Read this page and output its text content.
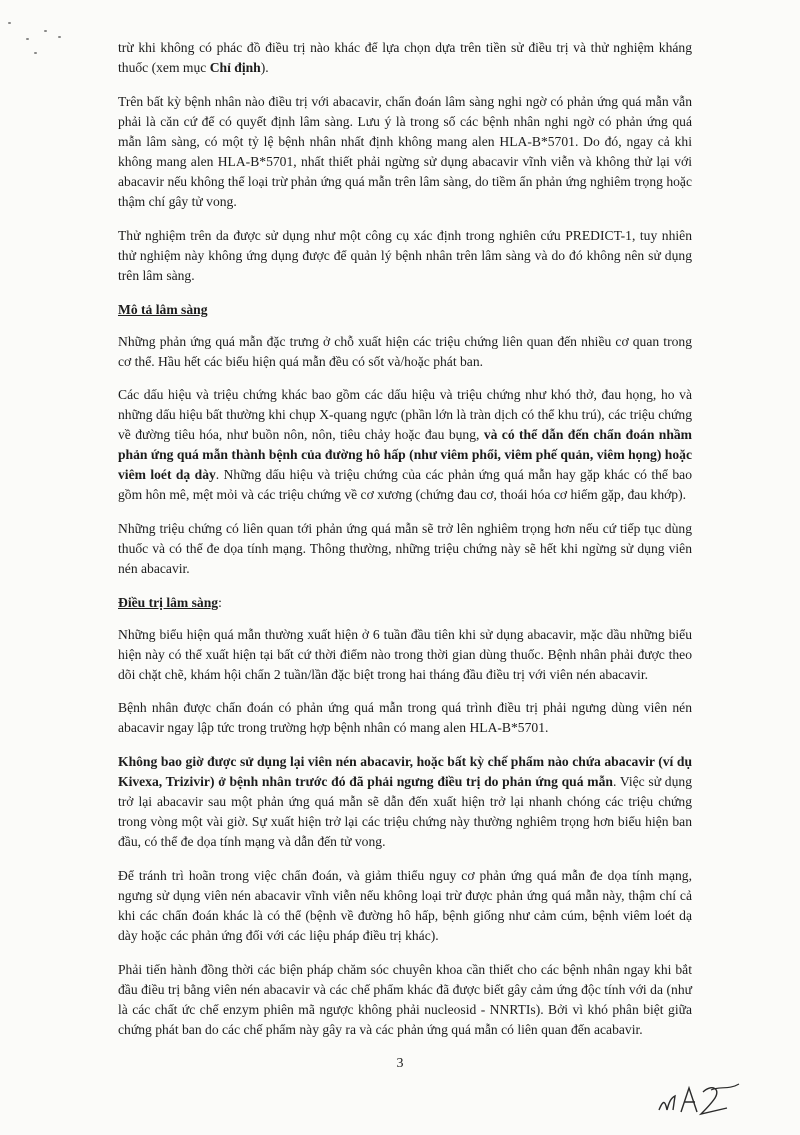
trừ khi không có phác đồ điều trị nào khác để lựa chọn dựa trên tiền sử điều trị và thử nghiệm kháng thuốc (xem mục Chỉ định).

Trên bất kỳ bệnh nhân nào điều trị với abacavir, chẩn đoán lâm sàng nghi ngờ có phản ứng quá mẫn vẫn phải là căn cứ để có quyết định lâm sàng. Lưu ý là trong số các bệnh nhân nghi ngờ có phản ứng quá mẫn lâm sàng, có một tỷ lệ bệnh nhân nhất định không mang alen HLA-B*5701. Do đó, ngay cả khi không mang alen HLA-B*5701, nhất thiết phải ngừng sử dụng abacavir vĩnh viễn và không thử lại với abacavir nếu không thể loại trừ phản ứng quá mẫn trên lâm sàng, do tiềm ẩn phản ứng nghiêm trọng hoặc thậm chí gây tử vong.

Thử nghiệm trên da được sử dụng như một công cụ xác định trong nghiên cứu PREDICT-1, tuy nhiên thử nghiệm này không ứng dụng được để quản lý bệnh nhân trên lâm sàng và do đó không nên sử dụng trên lâm sàng.

Mô tả lâm sàng

Những phản ứng quá mẫn đặc trưng ở chỗ xuất hiện các triệu chứng liên quan đến nhiều cơ quan trong cơ thể. Hầu hết các biểu hiện quá mẫn đều có sốt và/hoặc phát ban.

Các dấu hiệu và triệu chứng khác bao gồm các dấu hiệu và triệu chứng như khó thở, đau họng, ho và những dấu hiệu bất thường khi chụp X-quang ngực (phần lớn là tràn dịch có thể khu trú), các triệu chứng về đường tiêu hóa, như buồn nôn, nôn, tiêu chảy hoặc đau bụng, và có thể dẫn đến chẩn đoán nhầm phản ứng quá mẫn thành bệnh của đường hô hấp (như viêm phổi, viêm phế quản, viêm họng) hoặc viêm loét dạ dày. Những dấu hiệu và triệu chứng của các phản ứng quá mẫn hay gặp khác có thể bao gồm hôn mê, mệt mỏi và các triệu chứng về cơ xương (chứng đau cơ, thoái hóa cơ hiếm gặp, đau khớp).

Những triệu chứng có liên quan tới phản ứng quá mẫn sẽ trở lên nghiêm trọng hơn nếu cứ tiếp tục dùng thuốc và có thể đe dọa tính mạng. Thông thường, những triệu chứng này sẽ hết khi ngừng sử dụng viên nén abacavir.

Điều trị lâm sàng:

Những biểu hiện quá mẫn thường xuất hiện ở 6 tuần đầu tiên khi sử dụng abacavir, mặc dầu những biểu hiện này có thể xuất hiện tại bất cứ thời điểm nào trong thời gian dùng thuốc. Bệnh nhân phải được theo dõi chặt chẽ, khám hội chẩn 2 tuần/lần đặc biệt trong hai tháng đầu điều trị với viên nén abacavir.

Bệnh nhân được chẩn đoán có phản ứng quá mẫn trong quá trình điều trị phải ngưng dùng viên nén abacavir ngay lập tức trong trường hợp bệnh nhân có mang alen HLA-B*5701.

Không bao giờ được sử dụng lại viên nén abacavir, hoặc bất kỳ chế phẩm nào chứa abacavir (ví dụ Kivexa, Trizivir) ở bệnh nhân trước đó đã phải ngưng điều trị do phản ứng quá mẫn. Việc sử dụng trở lại abacavir sau một phản ứng quá mẫn sẽ dẫn đến xuất hiện trở lại nhanh chóng các triệu chứng trong vòng một vài giờ. Sự xuất hiện trở lại các triệu chứng này thường nghiêm trọng hơn biểu hiện ban đầu, có thể đe dọa tính mạng và dẫn đến tử vong.

Để tránh trì hoãn trong việc chẩn đoán, và giảm thiểu nguy cơ phản ứng quá mẫn đe dọa tính mạng, ngưng sử dụng viên nén abacavir vĩnh viễn nếu không loại trừ được phản ứng quá mẫn này, thậm chí cả khi các chẩn đoán khác là có thể (bệnh về đường hô hấp, bệnh giống như cảm cúm, bệnh viêm loét dạ dày hoặc các phản ứng đối với các liệu pháp điều trị khác).

Phải tiến hành đồng thời các biện pháp chăm sóc chuyên khoa cần thiết cho các bệnh nhân ngay khi bắt đầu điều trị bằng viên nén abacavir và các chế phẩm khác đã được biết gây cảm ứng độc tính với da (như là các chất ức chế enzym phiên mã ngược không phải nucleosid - NNRTIs). Bởi vì khó phân biệt giữa chứng phát ban do các chế phẩm này gây ra và các phản ứng quá mẫn có liên quan đến acabavir.

3
